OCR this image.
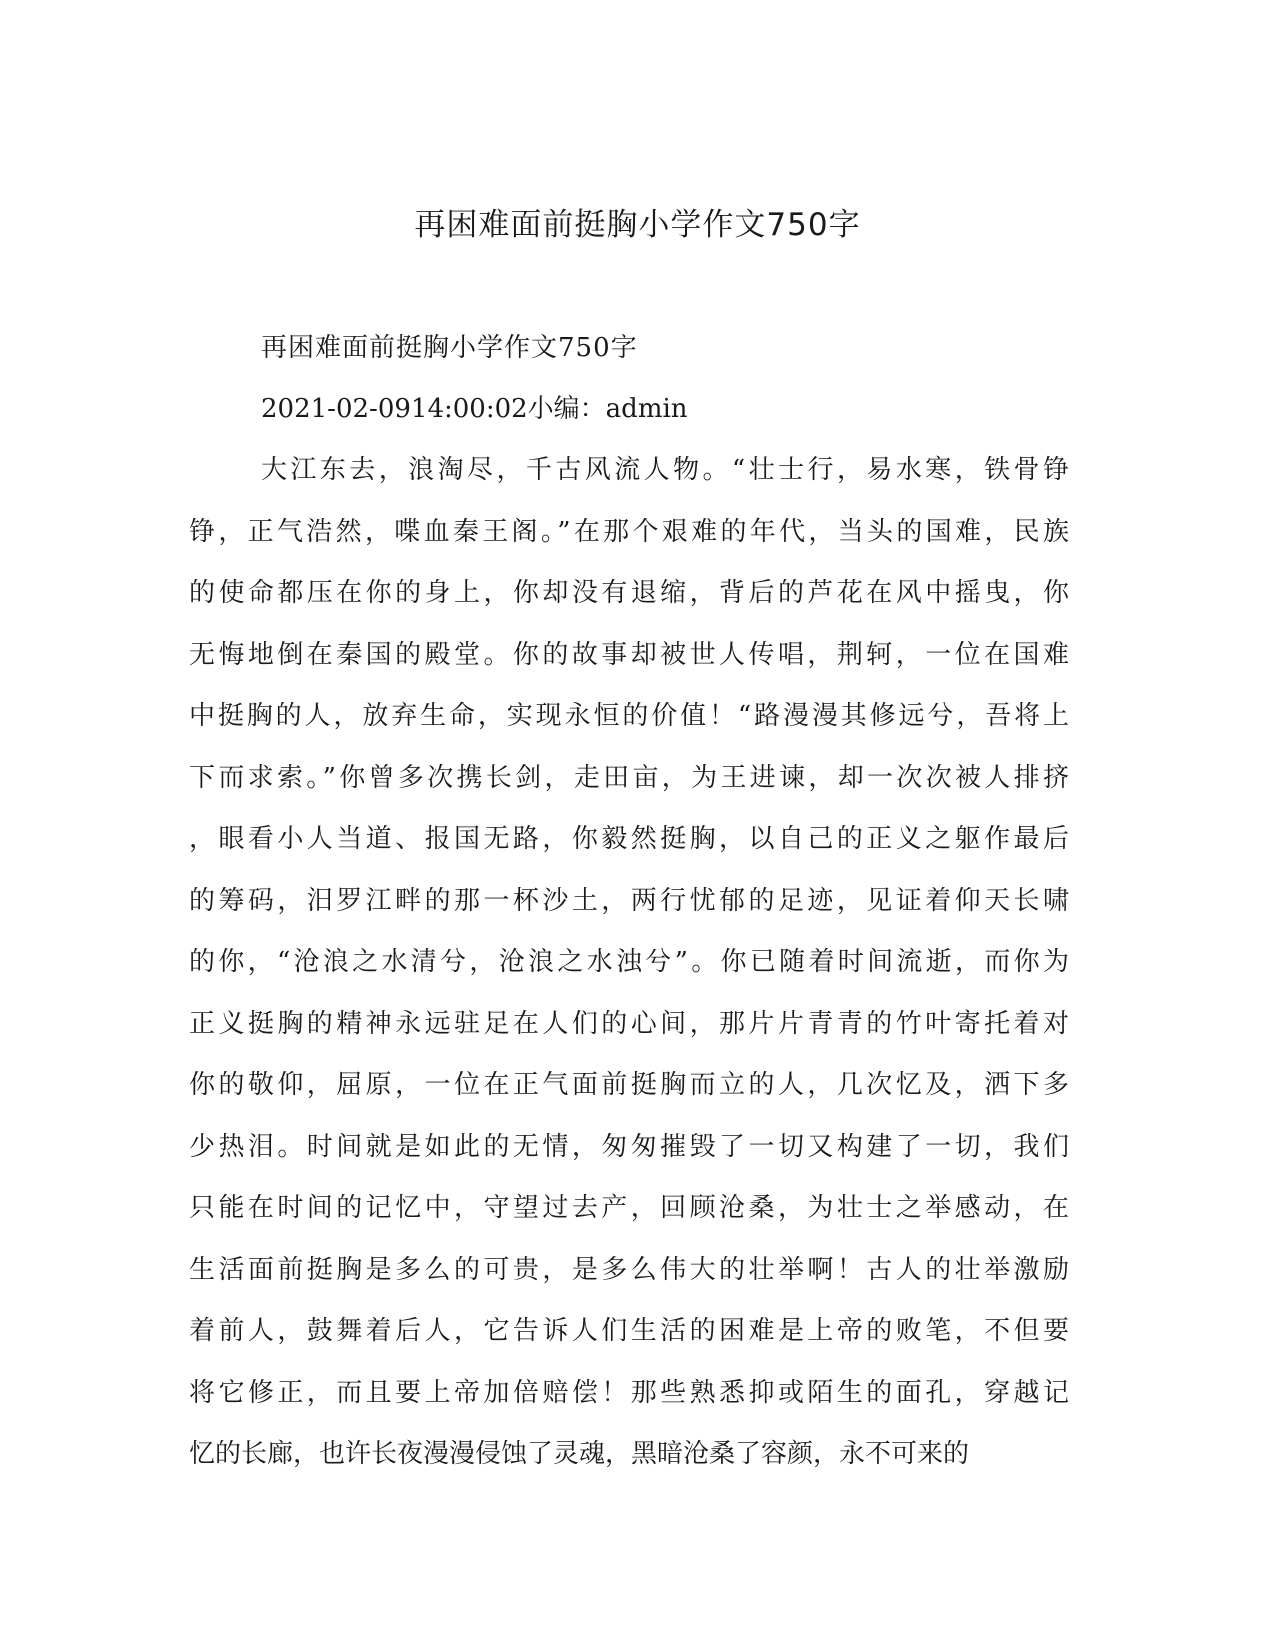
再困难面前挺胸小学作文750字
再困难面前挺胸小学作文750字
2021-02-0914:00:02小编：admin
大江东去，浪淘尽，千古风流人物。“壮士行，易水寒，铁骨铮
铮，正气浩然，喋血秦王阁。”在那个艰难的年代，当头的国难，民族
的使命都压在你的身上，你却没有退缩，背后的芦花在风中摇曳，你
无悔地倒在秦国的殿堂。你的故事却被世人传唱，荆轲，一位在国难
中挺胸的人，放弃生命，实现永恒的价值！“路漫漫其修远兮，吾将上
下而求索。”你曾多次携长剑，走田亩，为王进谏，却一次次被人排挤
，眼看小人当道、报国无路，你毅然挺胸，以自己的正义之躯作最后
的筹码，汨罗江畔的那一杯沙土，两行忧郁的足迹，见证着仰天长啸
的你，“沧浪之水清兮，沧浪之水浊兮”。你已随着时间流逝，而你为
正义挺胸的精神永远驻足在人们的心间，那片片青青的竹叶寄托着对
你的敬仰，屈原，一位在正气面前挺胸而立的人，几次忆及，洒下多
少热泪。时间就是如此的无情，匆匆摧毁了一切又构建了一切，我们
只能在时间的记忆中，守望过去产，回顾沧桑，为壮士之举感动，在
生活面前挺胸是多么的可贵，是多么伟大的壮举啊！古人的壮举激励
着前人，鼓舞着后人，它告诉人们生活的困难是上帝的败笔，不但要
将它修正，而且要上帝加倍赔偿！那些熟悉抑或陌生的面孔，穿越记
忆的长廊，也许长夜漫漫侵蚀了灵魂，黑暗沧桑了容颜，永不可来的
